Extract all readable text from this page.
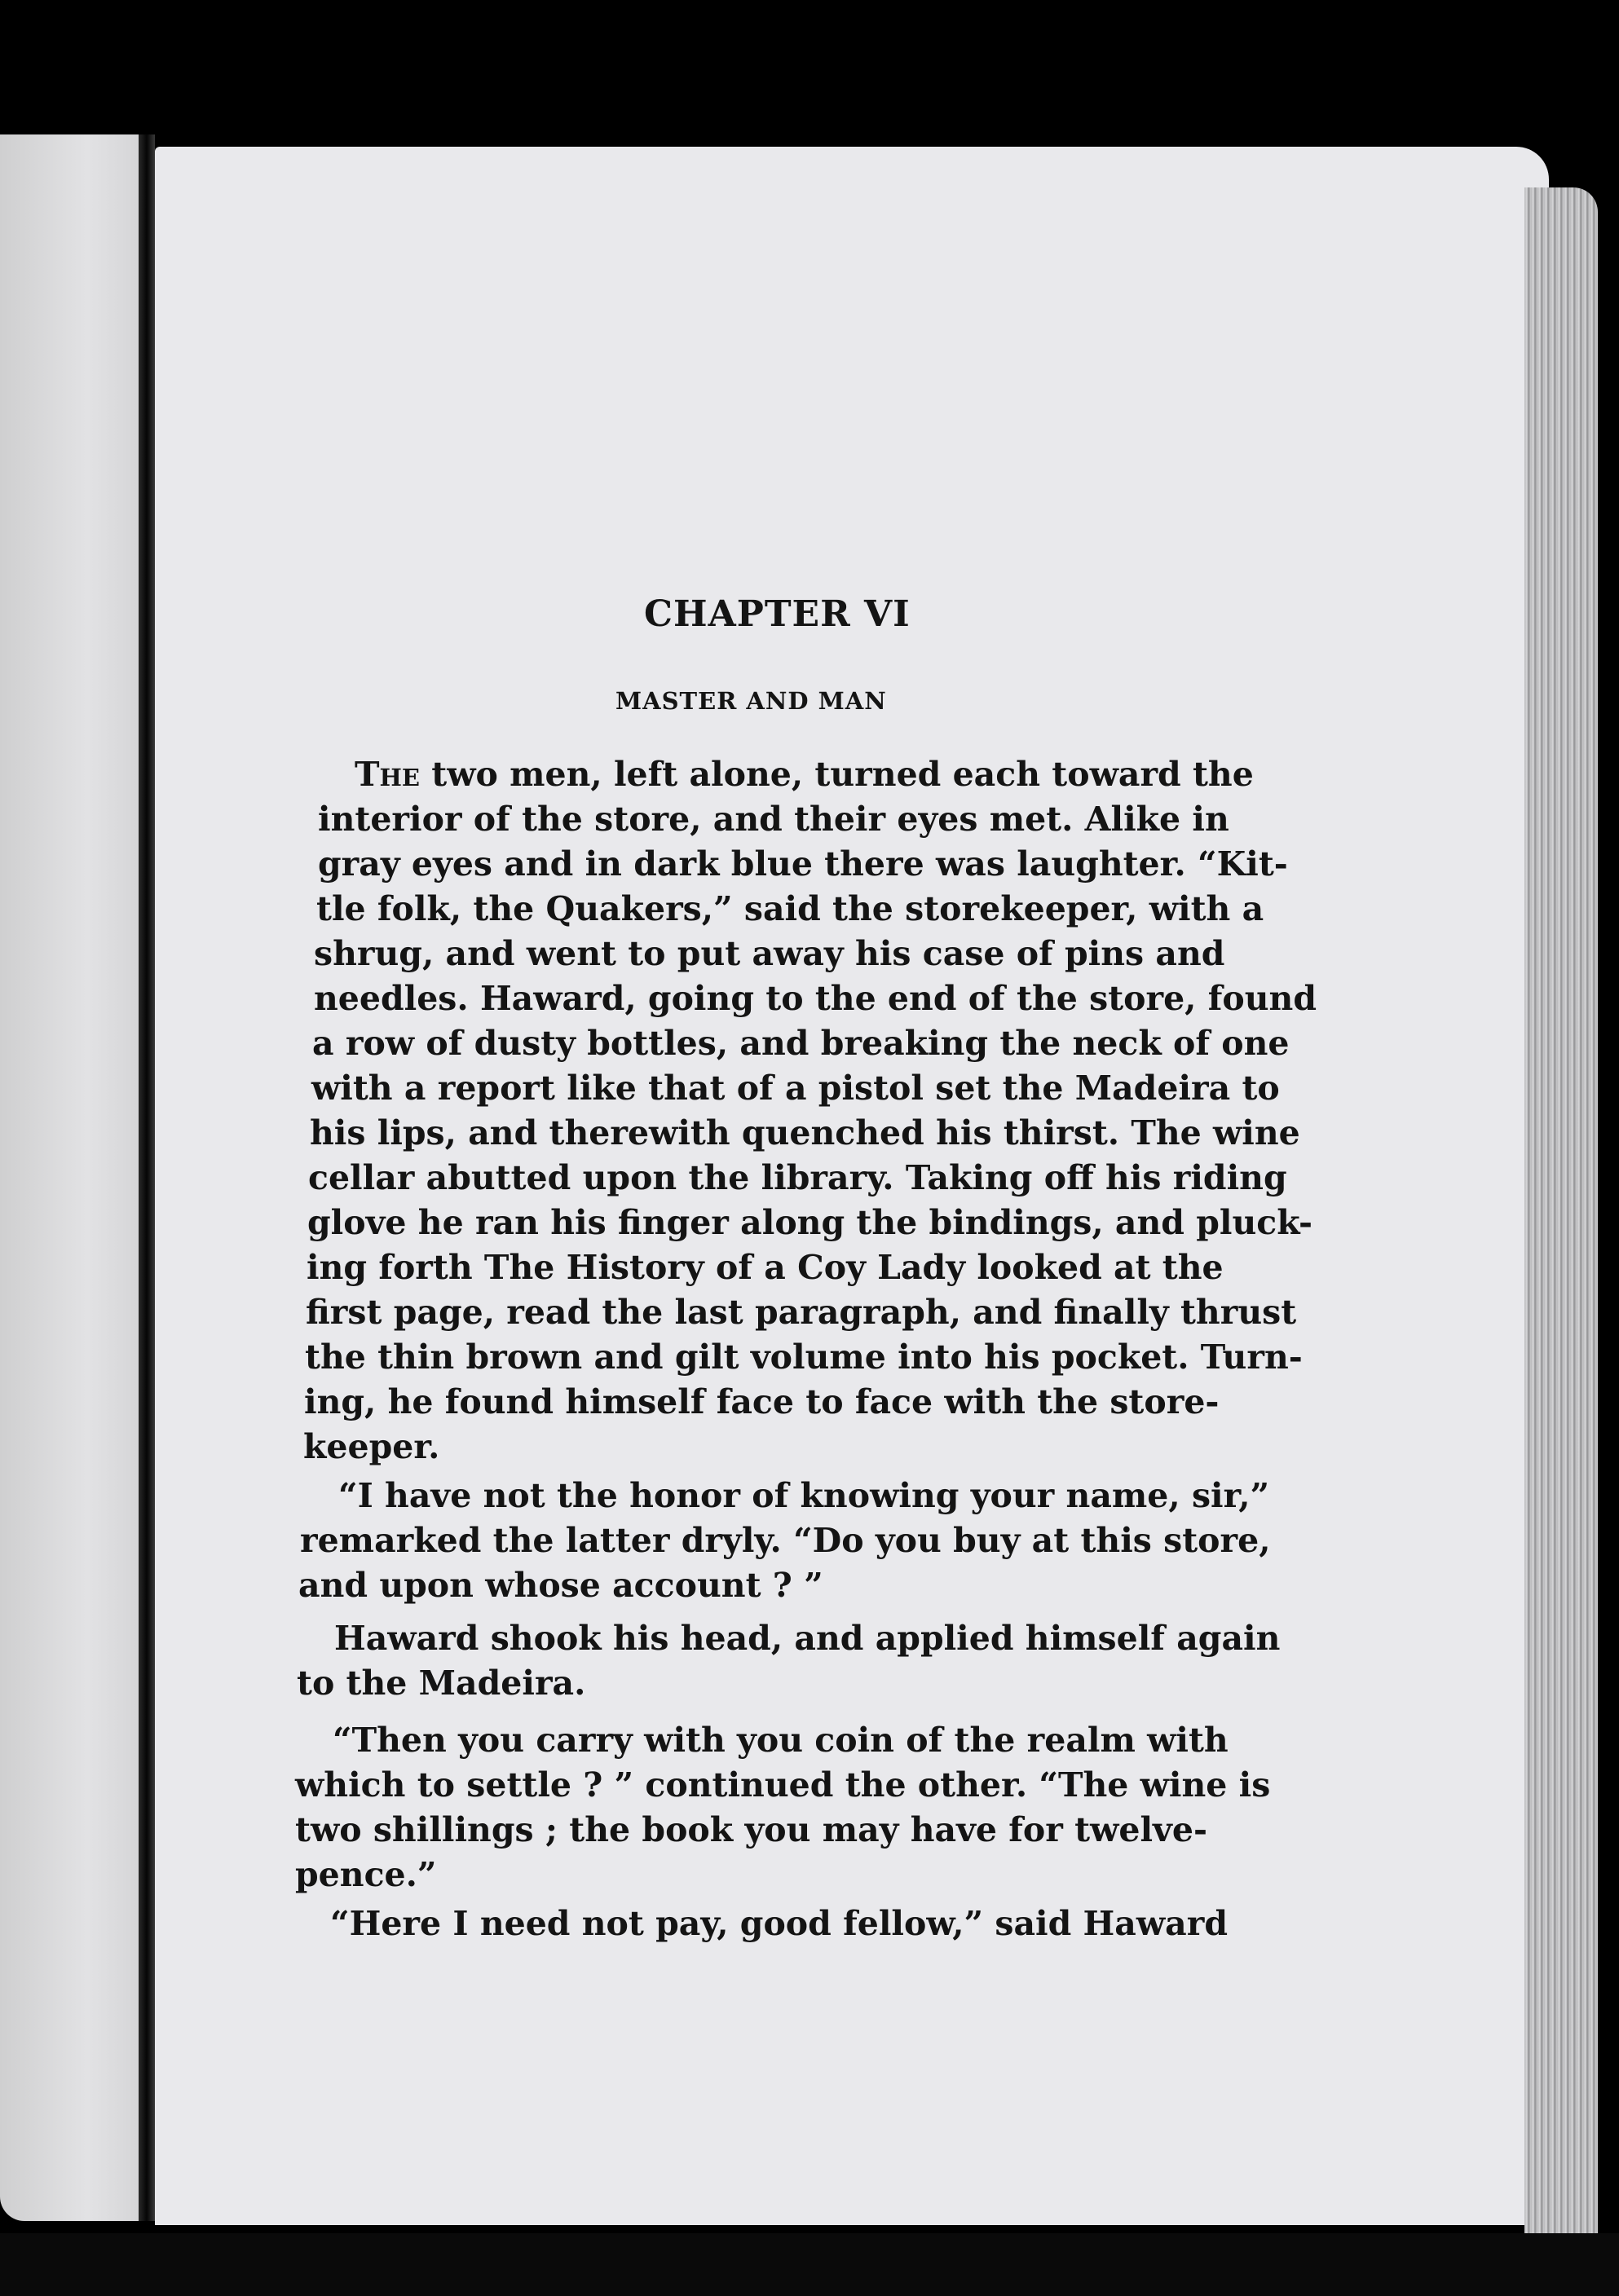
CHAPTER VI
MASTER AND MAN
The two men, left alone, turned each toward the
interior of the store, and their eyes met. Alike in
gray eyes and in dark blue there was laughter. “Kit-
tle folk, the Quakers,” said the storekeeper, with a
shrug, and went to put away his case of pins and
needles. Haward, going to the end of the store, found
a row of dusty bottles, and breaking the neck of one
with a report like that of a pistol set the Madeira to
his lips, and therewith quenched his thirst. The wine
cellar abutted upon the library. Taking off his riding
glove he ran his finger along the bindings, and pluck-
ing forth The History of a Coy Lady looked at the
first page, read the last paragraph, and finally thrust
the thin brown and gilt volume into his pocket. Turn-
ing, he found himself face to face with the store-
keeper.
“I have not the honor of knowing your name, sir,”
remarked the latter dryly. “Do you buy at this store,
and upon whose account ? ”
Haward shook his head, and applied himself again
to the Madeira.
“Then you carry with you coin of the realm with
which to settle ? ” continued the other. “The wine is
two shillings ; the book you may have for twelve-
pence.”
“Here I need not pay, good fellow,” said Haward
